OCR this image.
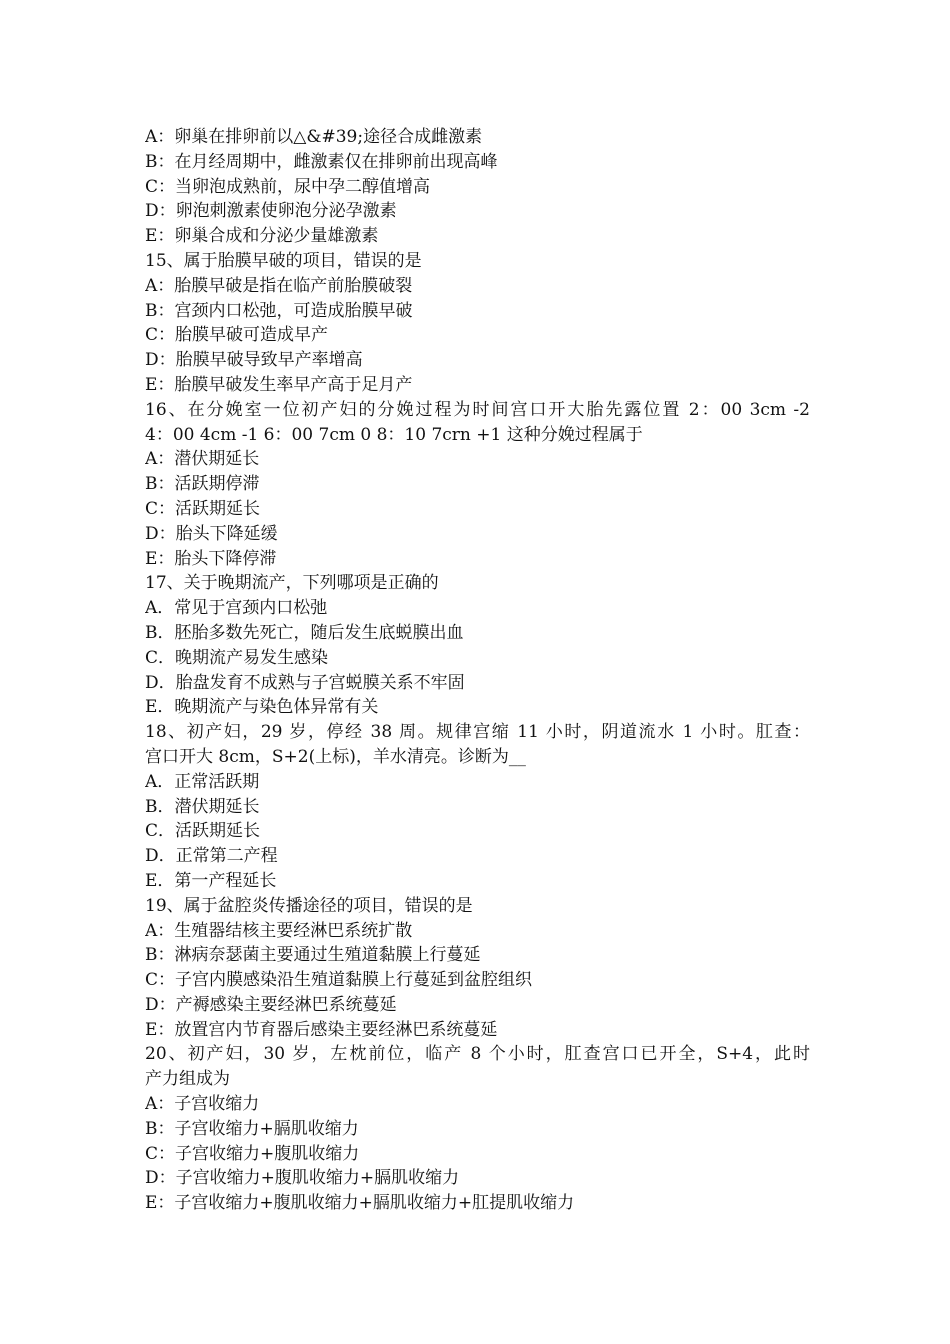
A：卵巢在排卵前以△&#39;途径合成雌激素
B：在月经周期中，雌激素仅在排卵前出现高峰
C：当卵泡成熟前，尿中孕二醇值增高
D：卵泡刺激素使卵泡分泌孕激素
E：卵巢合成和分泌少量雄激素
15、属于胎膜早破的项目，错误的是
A：胎膜早破是指在临产前胎膜破裂
B：宫颈内口松弛，可造成胎膜早破
C：胎膜早破可造成早产
D：胎膜早破导致早产率增高
E：胎膜早破发生率早产高于足月产
16、在分娩室一位初产妇的分娩过程为时间宫口开大胎先露位置 2：00 3cm -2
4：00 4cm -1 6：00 7cm 0 8：10 7crn +1 这种分娩过程属于
A：潜伏期延长
B：活跃期停滞
C：活跃期延长
D：胎头下降延缓
E：胎头下降停滞
17、关于晚期流产，下列哪项是正确的
A．常见于宫颈内口松弛
B．胚胎多数先死亡，随后发生底蜕膜出血
C．晚期流产易发生感染
D．胎盘发育不成熟与子宫蜕膜关系不牢固
E．晚期流产与染色体异常有关
18、初产妇，29 岁，停经 38 周。规律宫缩 11 小时，阴道流水 1 小时。肛查：
宫口开大 8cm，S+2(上标)，羊水清亮。诊断为__
A．正常活跃期
B．潜伏期延长
C．活跃期延长
D．正常第二产程
E．第一产程延长
19、属于盆腔炎传播途径的项目，错误的是
A：生殖器结核主要经淋巴系统扩散
B：淋病奈瑟菌主要通过生殖道黏膜上行蔓延
C：子宫内膜感染沿生殖道黏膜上行蔓延到盆腔组织
D：产褥感染主要经淋巴系统蔓延
E：放置宫内节育器后感染主要经淋巴系统蔓延
20、初产妇，30 岁，左枕前位，临产 8 个小时，肛查宫口已开全，S+4，此时
产力组成为
A：子宫收缩力
B：子宫收缩力+膈肌收缩力
C：子宫收缩力+腹肌收缩力
D：子宫收缩力+腹肌收缩力+膈肌收缩力
E：子宫收缩力+腹肌收缩力+膈肌收缩力+肛提肌收缩力
